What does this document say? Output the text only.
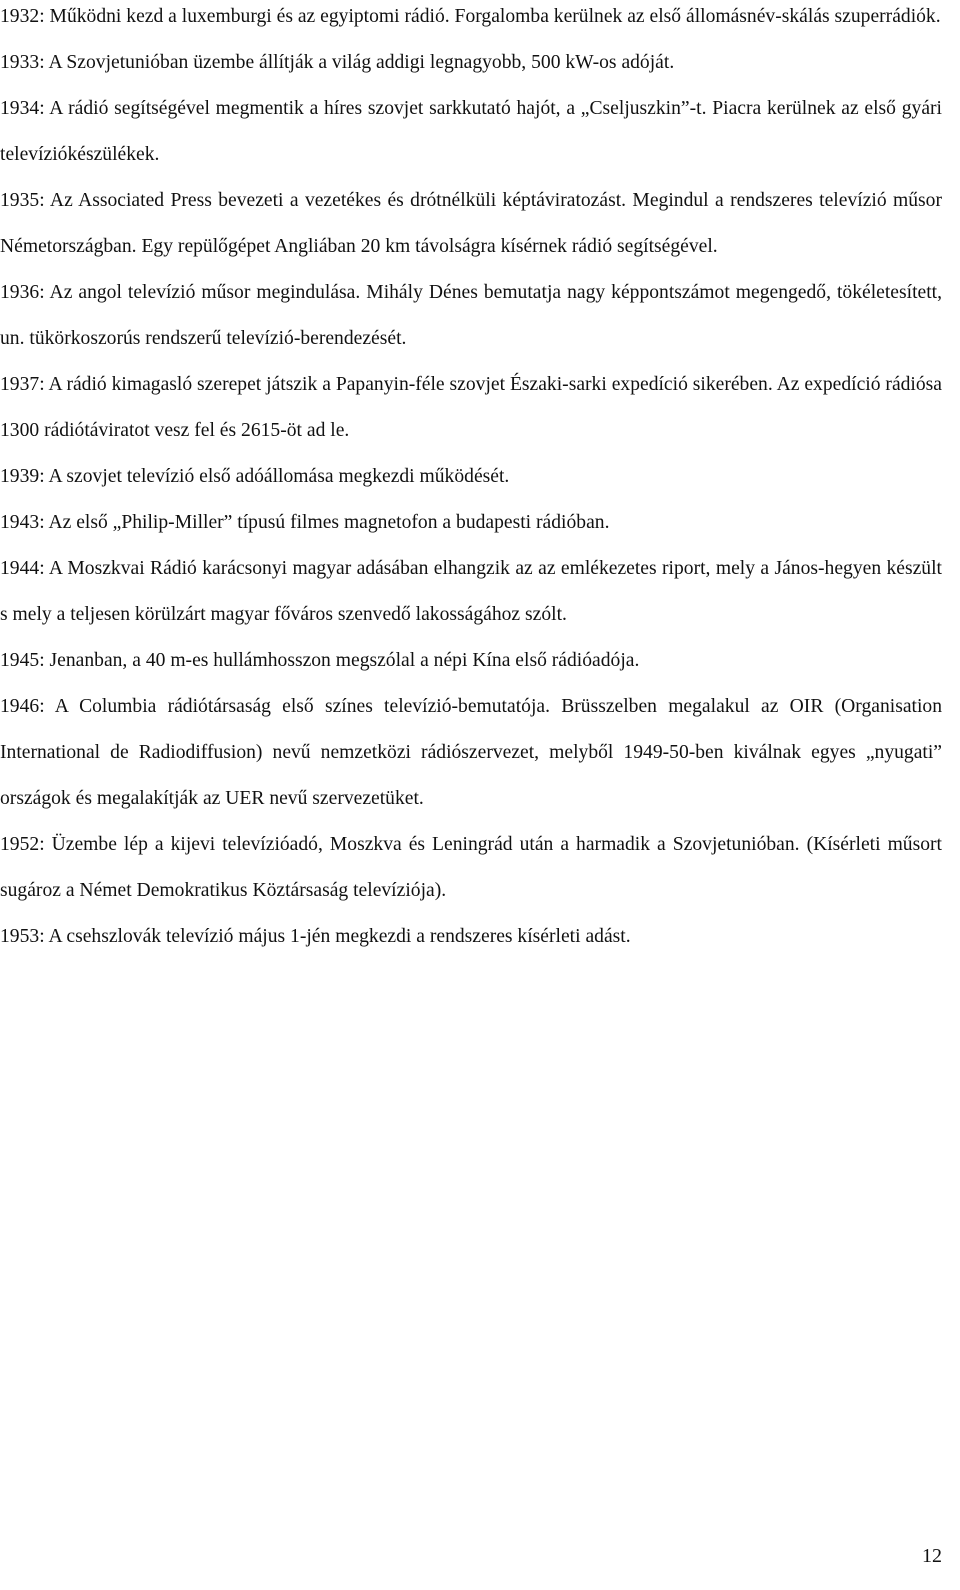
1932: Működni kezd a luxemburgi és az egyiptomi rádió. Forgalomba kerülnek az első állomásnév-skálás szuperrádiók.

1933: A Szovjetunióban üzembe állítják a világ addigi legnagyobb, 500 kW-os adóját.

1934: A rádió segítségével megmentik a híres szovjet sarkkutató hajót, a „Cseljuszkin”-t. Piacra kerülnek az első gyári televíziókészülékek.

1935: Az Associated Press bevezeti a vezetékes és drótnélküli képtáviratozást. Megindul a rendszeres televízió műsor Németországban. Egy repülőgépet Angliában 20 km távolságra kísérnek rádió segítségével.

1936: Az angol televízió műsor megindulása. Mihály Dénes bemutatja nagy képpontszámot megengedő, tökéletesített, un. tükörkoszorús rendszerű televízió-berendezését.

1937: A rádió kimagasló szerepet játszik a Papanyin-féle szovjet Északi-sarki expedíció sikerében. Az expedíció rádiósa 1300 rádiótáviratot vesz fel és 2615-öt ad le.

1939: A szovjet televízió első adóállomása megkezdi működését.

1943: Az első „Philip-Miller” típusú filmes magnetofon a budapesti rádióban.

1944: A Moszkvai Rádió karácsonyi magyar adásában elhangzik az az emlékezetes riport, mely a János-hegyen készült s mely a teljesen körülzárt magyar főváros szenvedő lakosságához szólt.

1945: Jenanban, a 40 m-es hullámhosszon megszólal a népi Kína első rádióadója.

1946: A Columbia rádiótársaság első színes televízió-bemutatója. Brüsszelben megalakul az OIR (Organisation International de Radiodiffusion) nevű nemzetközi rádiószervezet, melyből 1949-50-ben kiválnak egyes „nyugati” országok és megalakítják az UER nevű szervezetüket.

1952: Üzembe lép a kijevi televízióadó, Moszkva és Leningrád után a harmadik a Szovjetunióban. (Kísérleti műsort sugároz a Német Demokratikus Köztársaság televíziója).

1953: A csehszlovák televízió május 1-jén megkezdi a rendszeres kísérleti adást.

12
